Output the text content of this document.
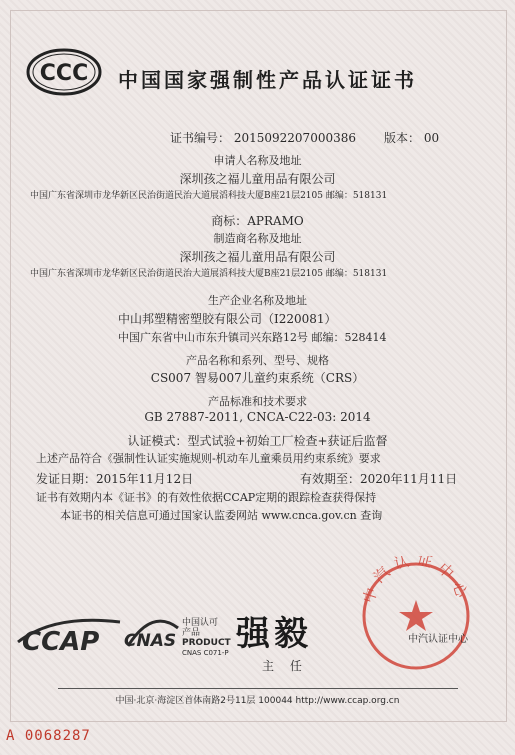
CCC 中国国家强制性产品认证证书
证书编号： 2015092207000386 版本： 00
申请人名称及地址
深圳孩之福儿童用品有限公司
中国广东省深圳市龙华新区民治街道民治大道展滔科技大厦B座21层2105 邮编：518131
商标：APRAMO
制造商名称及地址
深圳孩之福儿童用品有限公司
中国广东省深圳市龙华新区民治街道民治大道展滔科技大厦B座21层2105 邮编：518131
生产企业名称及地址
中山邦塑精密塑胶有限公司（I220081）
中国广东省中山市东升镇司兴东路12号 邮编：528414
产品名称和系列、型号、规格
CS007 智易007儿童约束系统（CRS）
产品标准和技术要求
GB 27887-2011, CNCA-C22-03: 2014
认证模式：型式试验+初始工厂检查+获证后监督
上述产品符合《强制性认证实施规则-机动车儿童乘员用约束系统》要求
发证日期：2015年11月12日	有效期至：2020年11月11日
证书有效期内本《证书》的有效性依据CCAP定期的跟踪检查获得保持
本证书的相关信息可通过国家认监委网站 www.cnca.gov.cn 查询
CCAP CNAS
中国认可
产品
PRODUCT
CNAS C071-P 强毅
主 任
中汽认证中心
中汽认证中心
中国·北京·海淀区首体南路2号11层 100044 http://www.ccap.org.cn
A 0068287
